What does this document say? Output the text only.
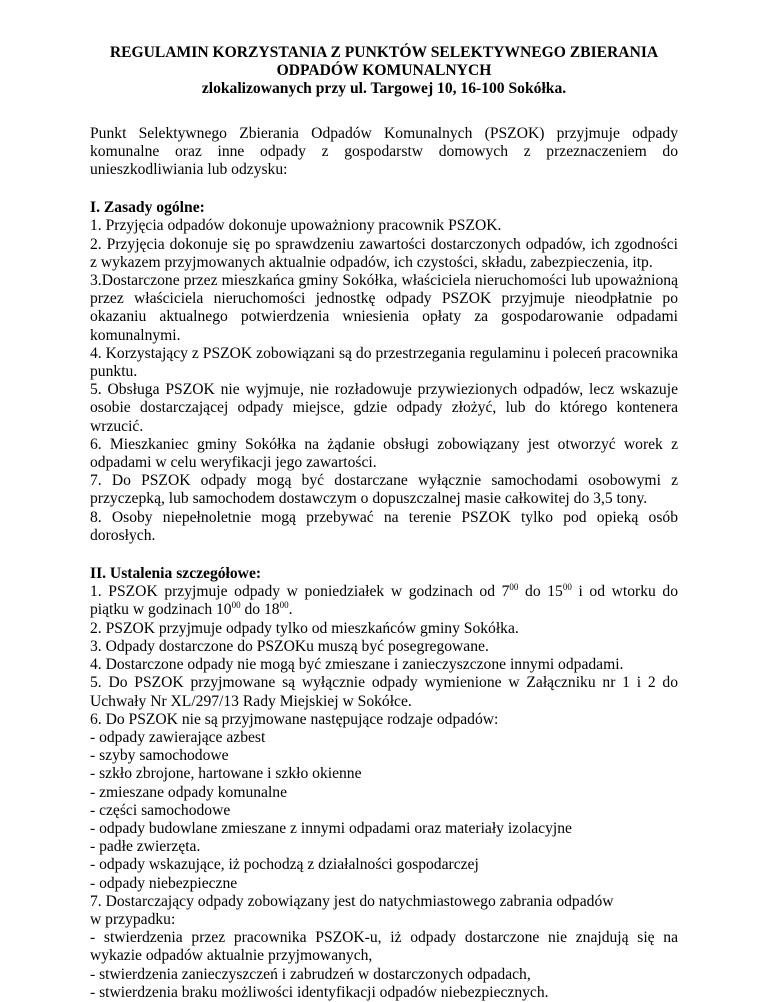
REGULAMIN KORZYSTANIA Z PUNKTÓW SELEKTYWNEGO ZBIERANIA

ODPADÓW KOMUNALNYCH

zlokalizowanych przy ul. Targowej 10, 16-100 Sokółka.

Punkt Selektywnego Zbierania Odpadów Komunalnych (PSZOK) przyjmuje odpady komunalne oraz inne odpady z gospodarstw domowych z przeznaczeniem do unieszkodliwiania lub odzysku:

I. Zasady ogólne:

1. Przyjęcia odpadów dokonuje upoważniony pracownik PSZOK.

2. Przyjęcia dokonuje się po sprawdzeniu zawartości dostarczonych odpadów, ich zgodności z wykazem przyjmowanych aktualnie odpadów, ich czystości, składu, zabezpieczenia, itp.

3.Dostarczone przez mieszkańca gminy Sokółka, właściciela nieruchomości lub upoważnioną przez właściciela nieruchomości jednostkę odpady PSZOK przyjmuje nieodpłatnie po okazaniu aktualnego potwierdzenia wniesienia opłaty za gospodarowanie odpadami komunalnymi.

4. Korzystający z PSZOK zobowiązani są do przestrzegania regulaminu i poleceń pracownika punktu.

5. Obsługa PSZOK nie wyjmuje, nie rozładowuje przywiezionych odpadów, lecz wskazuje osobie dostarczającej odpady miejsce, gdzie odpady złożyć, lub do którego kontenera wrzucić.

6. Mieszkaniec gminy Sokółka na żądanie obsługi zobowiązany jest otworzyć worek z odpadami w celu weryfikacji jego zawartości.

7. Do PSZOK odpady mogą być dostarczane wyłącznie samochodami osobowymi z przyczepką, lub samochodem dostawczym o dopuszczalnej masie całkowitej do 3,5 tony.

8. Osoby niepełnoletnie mogą przebywać na terenie PSZOK tylko pod opieką osób dorosłych.

II. Ustalenia szczegółowe:

1. PSZOK przyjmuje odpady w poniedziałek w godzinach od $7^{00}$ do $15^{00}$ i od wtorku do piątku w godzinach $10^{00}$ do $18^{00}$.

2. PSZOK przyjmuje odpady tylko od mieszkańców gminy Sokółka.

3. Odpady dostarczone do PSZOKu muszą być posegregowane.

4. Dostarczone odpady nie mogą być zmieszane i zanieczyszczone innymi odpadami.

5. Do PSZOK przyjmowane są wyłącznie odpady wymienione w Załączniku nr 1 i 2 do Uchwały Nr XL/297/13 Rady Miejskiej w Sokółce.

6. Do PSZOK nie są przyjmowane następujące rodzaje odpadów:

- odpady zawierające azbest

- szyby samochodowe

- szkło zbrojone, hartowane i szkło okienne

- zmieszane odpady komunalne

- części samochodowe

- odpady budowlane zmieszane z innymi odpadami oraz materiały izolacyjne

- padłe zwierzęta.

- odpady wskazujące, iż pochodzą z działalności gospodarczej

- odpady niebezpieczne

7. Dostarczający odpady zobowiązany jest do natychmiastowego zabrania odpadów

w przypadku:

- stwierdzenia przez pracownika PSZOK-u, iż odpady dostarczone nie znajdują się na wykazie odpadów aktualnie przyjmowanych,

- stwierdzenia zanieczyszczeń i zabrudzeń w dostarczonych odpadach,

- stwierdzenia braku możliwości identyfikacji odpadów niebezpiecznych.
